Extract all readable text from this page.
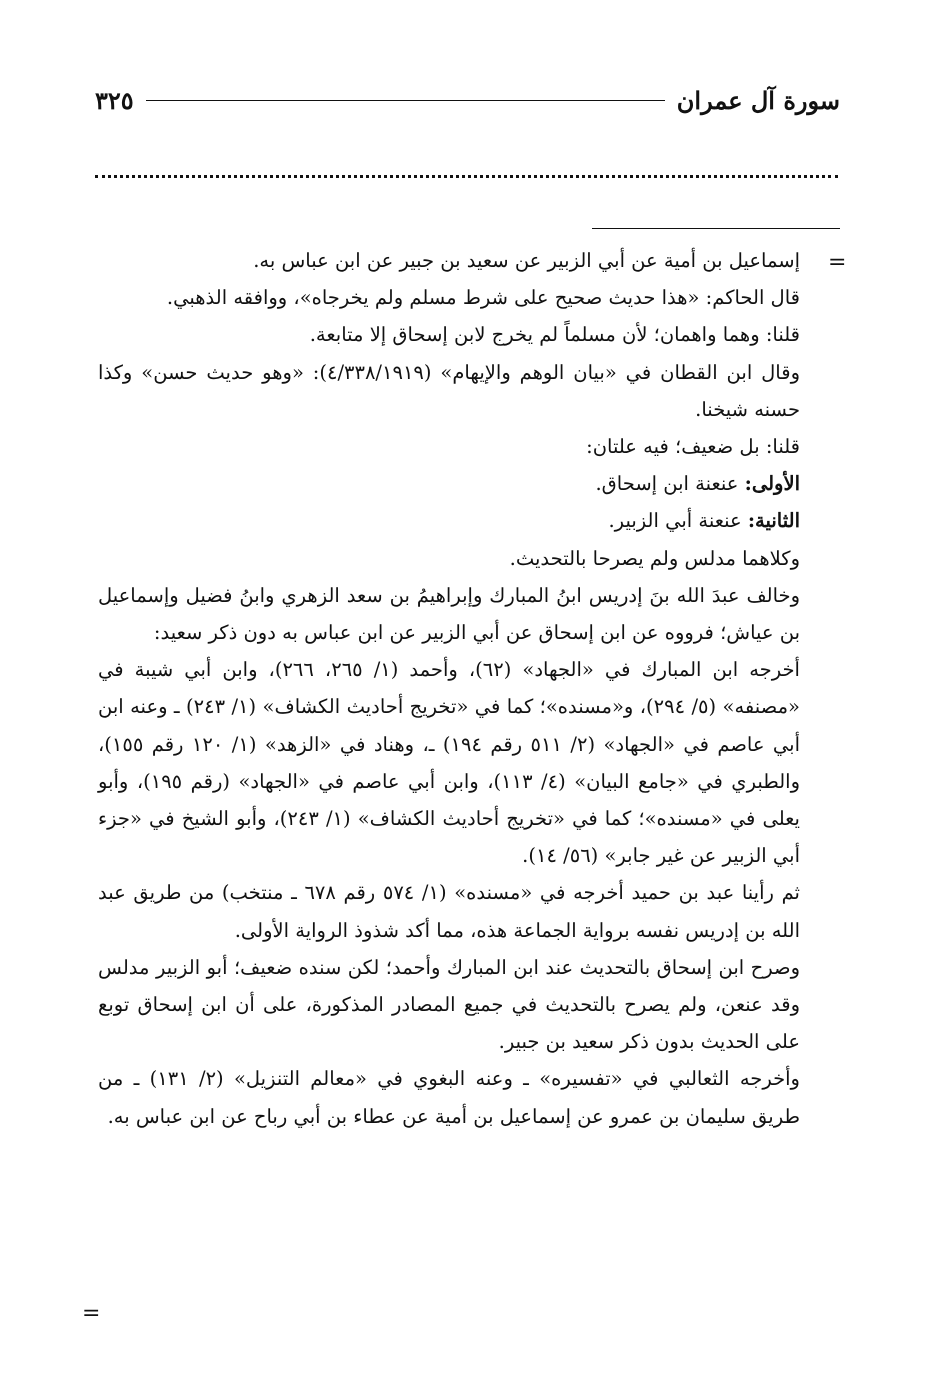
سورة آل عمران
٣٢٥
=
=

إسماعيل بن أمية عن أبي الزبير عن سعيد بن جبير عن ابن عباس به.

قال الحاكم: «هذا حديث صحيح على شرط مسلم ولم يخرجاه»، ووافقه الذهبي.

قلنا: وهما واهمان؛ لأن مسلماً لم يخرج لابن إسحاق إلا متابعة.

وقال ابن القطان في «بيان الوهم والإيهام» (٤/٣٣٨/١٩١٩): «وهو حديث حسن» وكذا حسنه شيخنا.

قلنا: بل ضعيف؛ فيه علتان:

الأولى: عنعنة ابن إسحاق.

الثانية: عنعنة أبي الزبير.

وكلاهما مدلس ولم يصرحا بالتحديث.

وخالف عبدَ الله بنَ إدريس ابنُ المبارك وإبراهيمُ بن سعد الزهري وابنُ فضيل وإسماعيل بن عياش؛ فرووه عن ابن إسحاق عن أبي الزبير عن ابن عباس به دون ذكر سعيد:

أخرجه ابن المبارك في «الجهاد» (٦٢)، وأحمد (١/ ٢٦٥، ٢٦٦)، وابن أبي شيبة في «مصنفه» (٥/ ٢٩٤)، و«مسنده»؛ كما في «تخريج أحاديث الكشاف» (١/ ٢٤٣) ـ وعنه ابن أبي عاصم في «الجهاد» (٢/ ٥١١ رقم ١٩٤) ـ، وهناد في «الزهد» (١/ ١٢٠ رقم ١٥٥)، والطبري في «جامع البيان» (٤/ ١١٣)، وابن أبي عاصم في «الجهاد» (رقم ١٩٥)، وأبو يعلى في «مسنده»؛ كما في «تخريج أحاديث الكشاف» (١/ ٢٤٣)، وأبو الشيخ في «جزء أبي الزبير عن غير جابر» (٥٦/ ١٤).

ثم رأينا عبد بن حميد أخرجه في «مسنده» (١/ ٥٧٤ رقم ٦٧٨ ـ منتخب) من طريق عبد الله بن إدريس نفسه برواية الجماعة هذه، مما أكد شذوذ الرواية الأولى.

وصرح ابن إسحاق بالتحديث عند ابن المبارك وأحمد؛ لكن سنده ضعيف؛ أبو الزبير مدلس وقد عنعن، ولم يصرح بالتحديث في جميع المصادر المذكورة، على أن ابن إسحاق توبع على الحديث بدون ذكر سعيد بن جبير.

وأخرجه الثعالبي في «تفسيره» ـ وعنه البغوي في «معالم التنزيل» (٢/ ١٣١) ـ من طريق سليمان بن عمرو عن إسماعيل بن أمية عن عطاء بن أبي رباح عن ابن عباس به.
